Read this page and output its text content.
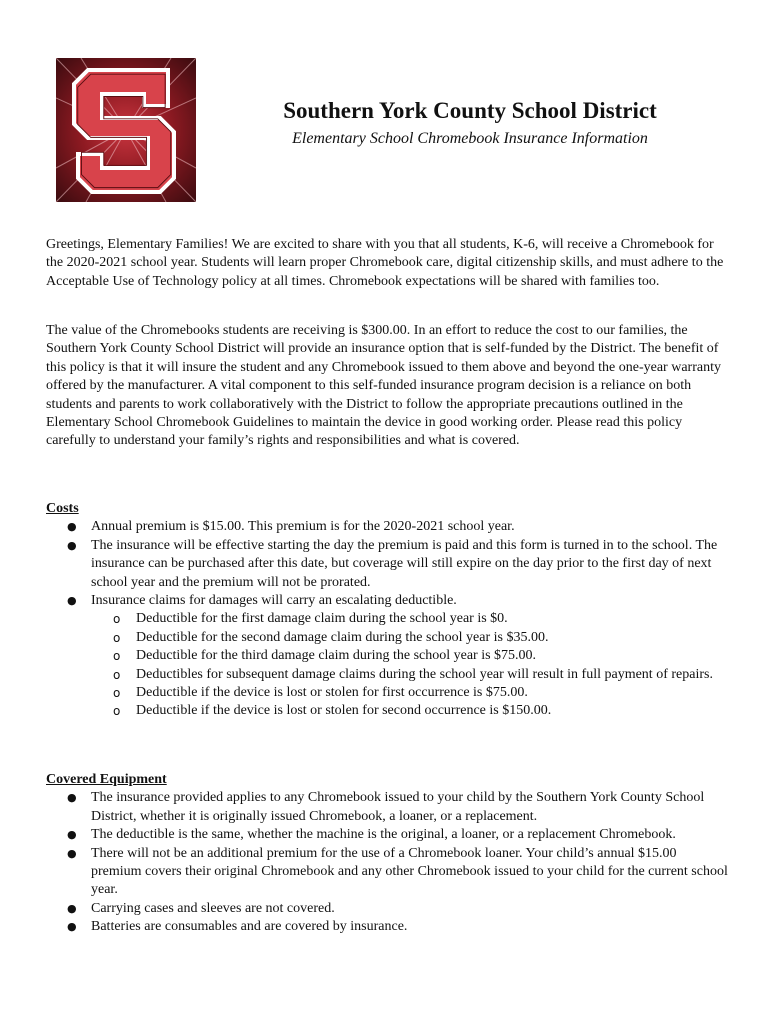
Southern York County School District

Elementary School Chromebook Insurance Information

Greetings, Elementary Families! We are excited to share with you that all students, K-6, will receive a Chromebook for the 2020-2021 school year. Students will learn proper Chromebook care, digital citizenship skills, and must adhere to the Acceptable Use of Technology policy at all times. Chromebook expectations will be shared with families too.

The value of the Chromebooks students are receiving is $300.00. In an effort to reduce the cost to our families, the Southern York County School District will provide an insurance option that is self-funded by the District. The benefit of this policy is that it will insure the student and any Chromebook issued to them above and beyond the one-year warranty offered by the manufacturer. A vital component to this self-funded insurance program decision is a reliance on both students and parents to work collaboratively with the District to follow the appropriate precautions outlined in the Elementary School Chromebook Guidelines to maintain the device in good working order. Please read this policy carefully to understand your family’s rights and responsibilities and what is covered.

Costs

● Annual premium is $15.00. This premium is for the 2020-2021 school year.
● The insurance will be effective starting the day the premium is paid and this form is turned in to the school. The insurance can be purchased after this date, but coverage will still expire on the day prior to the first day of next school year and the premium will not be prorated.
● Insurance claims for damages will carry an escalating deductible.
o Deductible for the first damage claim during the school year is $0.
o Deductible for the second damage claim during the school year is $35.00.
o Deductible for the third damage claim during the school year is $75.00.
o Deductibles for subsequent damage claims during the school year will result in full payment of repairs.
o Deductible if the device is lost or stolen for first occurrence is $75.00.
o Deductible if the device is lost or stolen for second occurrence is $150.00.

Covered Equipment

● The insurance provided applies to any Chromebook issued to your child by the Southern York County School District, whether it is originally issued Chromebook, a loaner, or a replacement.
● The deductible is the same, whether the machine is the original, a loaner, or a replacement Chromebook.
● There will not be an additional premium for the use of a Chromebook loaner. Your child’s annual $15.00 premium covers their original Chromebook and any other Chromebook issued to your child for the current school year.
● Carrying cases and sleeves are not covered.
● Batteries are consumables and are covered by insurance.
